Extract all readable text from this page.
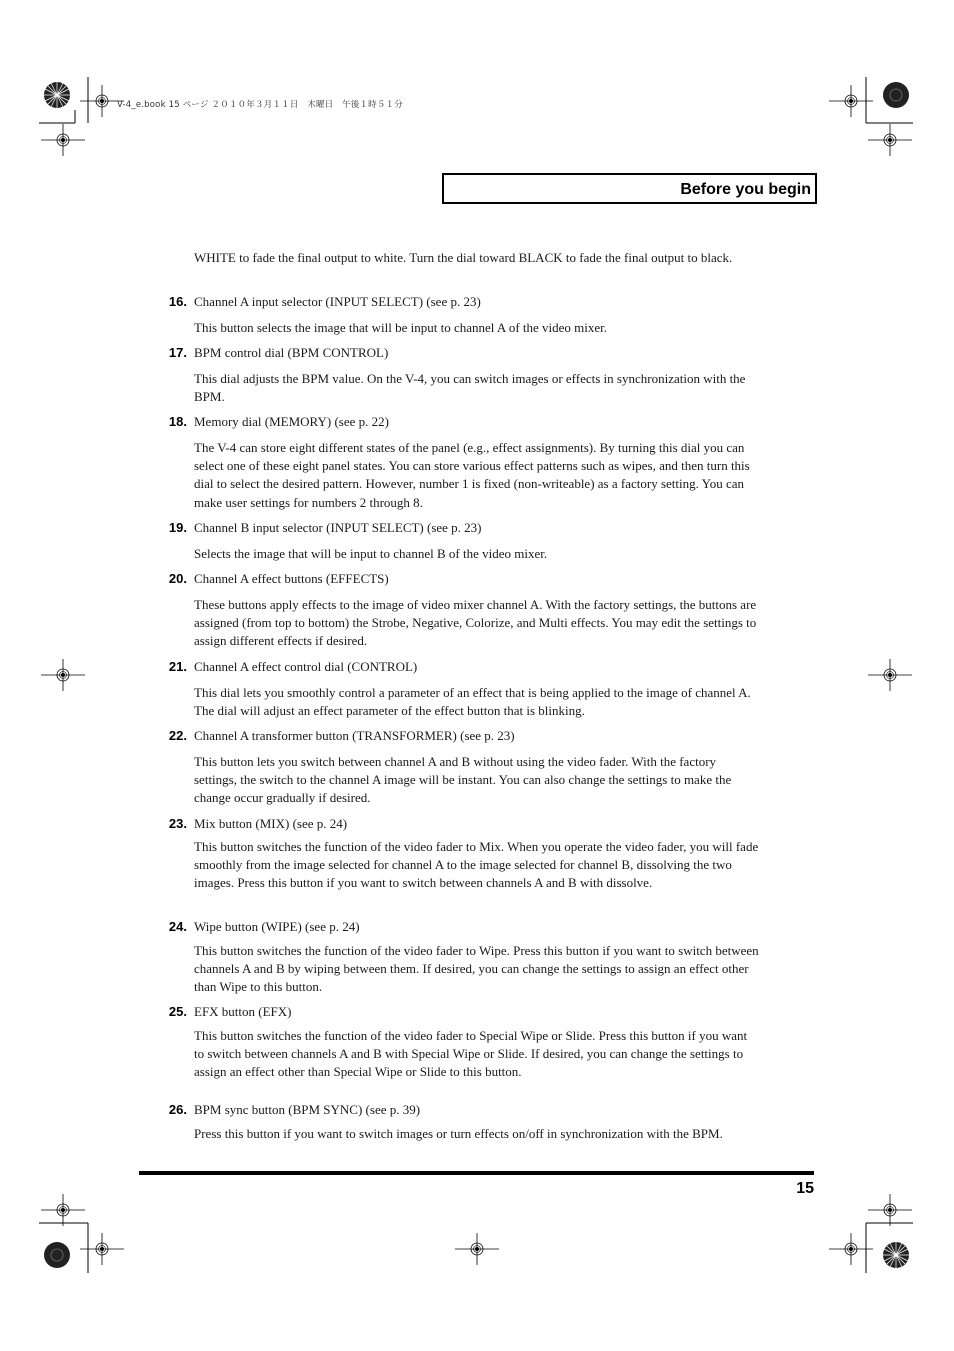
V-4_e.book 15 ページ ２０１０年３月１１日　木曜日　午後１時５１分
Before you begin

WHITE to fade the final output to white. Turn the dial toward BLACK to fade the final output to black.

16. Channel A input selector (INPUT SELECT) (see p. 23)

This button selects the image that will be input to channel A of the video mixer.

17. BPM control dial (BPM CONTROL)

This dial adjusts the BPM value. On the V-4, you can switch images or effects in synchronization with the BPM.

18. Memory dial (MEMORY) (see p. 22)

The V-4 can store eight different states of the panel (e.g., effect assignments). By turning this dial you can select one of these eight panel states. You can store various effect patterns such as wipes, and then turn this dial to select the desired pattern. However, number 1 is fixed (non-writeable) as a factory setting. You can make user settings for numbers 2 through 8.

19. Channel B input selector (INPUT SELECT) (see p. 23)

Selects the image that will be input to channel B of the video mixer.

20. Channel A effect buttons (EFFECTS)

These buttons apply effects to the image of video mixer channel A. With the factory settings, the buttons are assigned (from top to bottom) the Strobe, Negative, Colorize, and Multi effects. You may edit the settings to assign different effects if desired.

21. Channel A effect control dial (CONTROL)

This dial lets you smoothly control a parameter of an effect that is being applied to the image of channel A. The dial will adjust an effect parameter of the effect button that is blinking.

22. Channel A transformer button (TRANSFORMER) (see p. 23)

This button lets you switch between channel A and B without using the video fader. With the factory settings, the switch to the channel A image will be instant. You can also change the settings to make the change occur gradually if desired.

23. Mix button (MIX) (see p. 24)

This button switches the function of the video fader to Mix. When you operate the video fader, you will fade smoothly from the image selected for channel A to the image selected for channel B, dissolving the two images. Press this button if you want to switch between channels A and B with dissolve.

24. Wipe button (WIPE) (see p. 24)

This button switches the function of the video fader to Wipe. Press this button if you want to switch between channels A and B by wiping between them. If desired, you can change the settings to assign an effect other than Wipe to this button.

25. EFX button (EFX)

This button switches the function of the video fader to Special Wipe or Slide. Press this button if you want to switch between channels A and B with Special Wipe or Slide. If desired, you can change the settings to assign an effect other than Special Wipe or Slide to this button.

26. BPM sync button (BPM SYNC) (see p. 39)

Press this button if you want to switch images or turn effects on/off in synchronization with the BPM.

15
